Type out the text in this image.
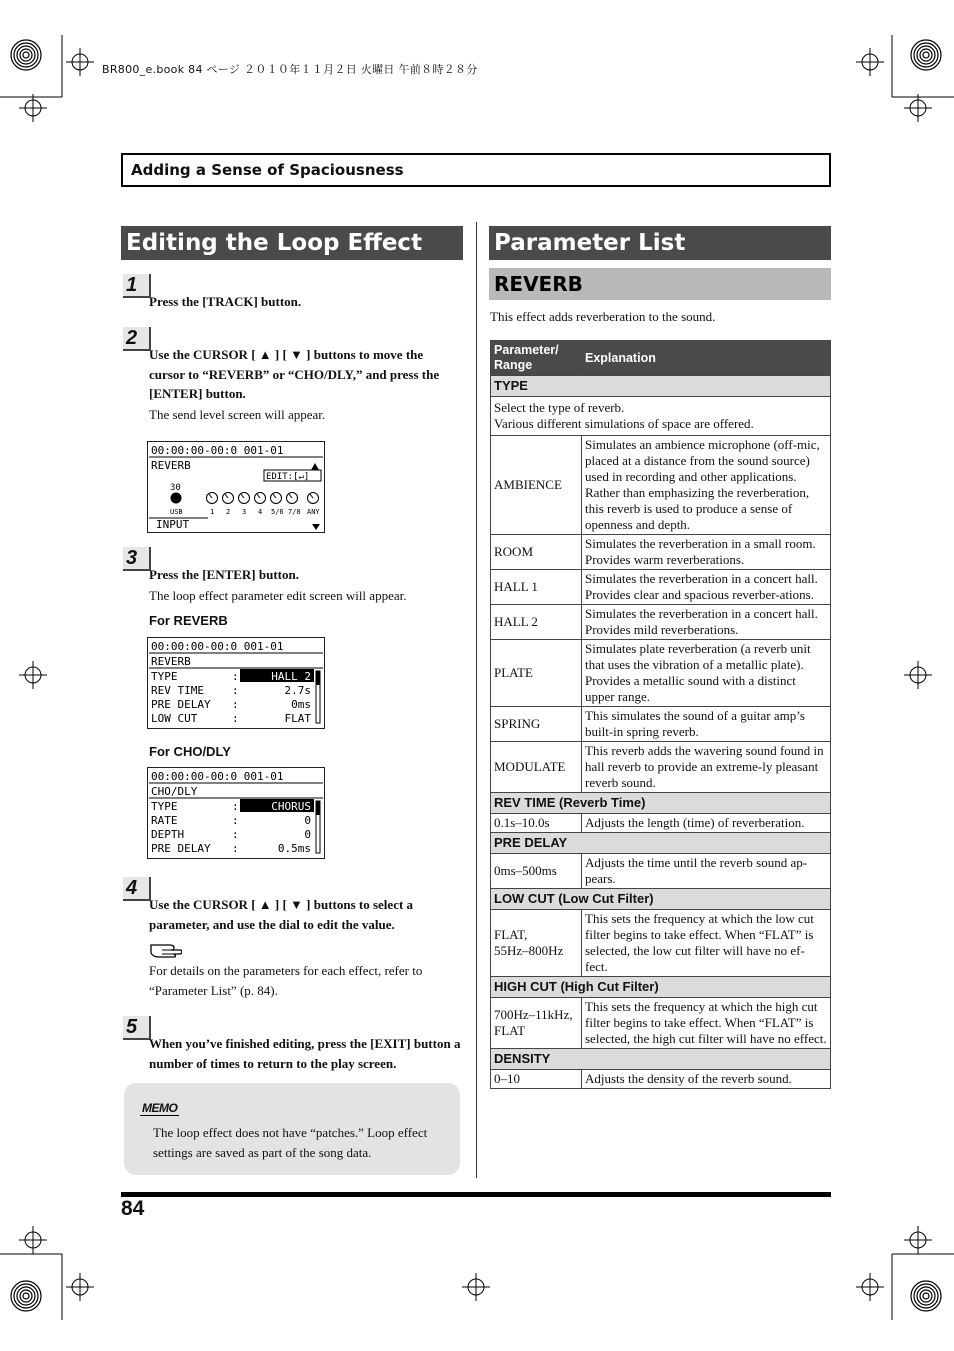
BR800_e.book 84 ページ ２０１０年１１月２日 火曜日 午前８時２８分
Adding a Sense of Spaciousness
Editing the Loop Effect
1
Press the [TRACK] button.
2
Use the CURSOR [ ▲ ] [ ▼ ] buttons to move the cursor to “REVERB” or “CHO/DLY,” and press the [ENTER] button.
The send level screen will appear.
00:00:00-00:0 001-01
REVERB
EDIT:[↵]
30
USB	1 2 3 4 5/6 7/8 ANY
INPUT
3
Press the [ENTER] button.
The loop effect parameter edit screen will appear.
For REVERB
00:00:00-00:0 001-01
REVERB
TYPE	HALL 2
REV TIME	2.7s
PRE DELAY	0ms
LOW CUT	FLAT
:
:
:
:
For CHO/DLY
00:00:00-00:0 001-01
CHO/DLY
TYPE	CHORUS
RATE	0
DEPTH	0
PRE DELAY	0.5ms
:
:
:
:
4
Use the CURSOR [ ▲ ] [ ▼ ] buttons to select a parameter, and use the dial to edit the value.
For details on the parameters for each effect, refer to “Parameter List” (p. 84).
5
When you’ve finished editing, press the [EXIT] button a number of times to return to the play screen.
MEMO
The loop effect does not have “patches.” Loop effect settings are saved as part of the song data.
Parameter List
REVERB
This effect adds reverberation to the sound.
Parameter/ Range	Explanation
TYPE	
Select the type of reverb.
Various different simulations of space are offered.	
AMBIENCE	Simulates an ambience microphone (off-mic, placed at a distance from the sound source) used in recording and other applications. Rather than emphasizing the reverberation, this reverb is used to produce a sense of openness and depth.
ROOM	Simulates the reverberation in a small room. Provides warm reverberations.
HALL 1	Simulates the reverberation in a concert hall. Provides clear and spacious reverber-ations.
HALL 2	Simulates the reverberation in a concert hall. Provides mild reverberations.
PLATE	Simulates plate reverberation (a reverb unit that uses the vibration of a metallic plate). Provides a metallic sound with a distinct upper range.
SPRING	This simulates the sound of a guitar amp’s built-in spring reverb.
MODULATE	This reverb adds the wavering sound found in hall reverb to provide an extreme-ly pleasant reverb sound.
REV TIME (Reverb Time)	
0.1s–10.0s	Adjusts the length (time) of reverberation.
PRE DELAY	
0ms–500ms	Adjusts the time until the reverb sound ap-pears.
LOW CUT (Low Cut Filter)	
FLAT,
55Hz–800Hz	This sets the frequency at which the low cut filter begins to take effect. When “FLAT” is selected, the low cut filter will have no ef-fect.
HIGH CUT (High Cut Filter)	
700Hz–11kHz,
FLAT	This sets the frequency at which the high cut filter begins to take effect. When “FLAT” is selected, the high cut filter will have no effect.
DENSITY	
0–10	Adjusts the density of the reverb sound.
84
